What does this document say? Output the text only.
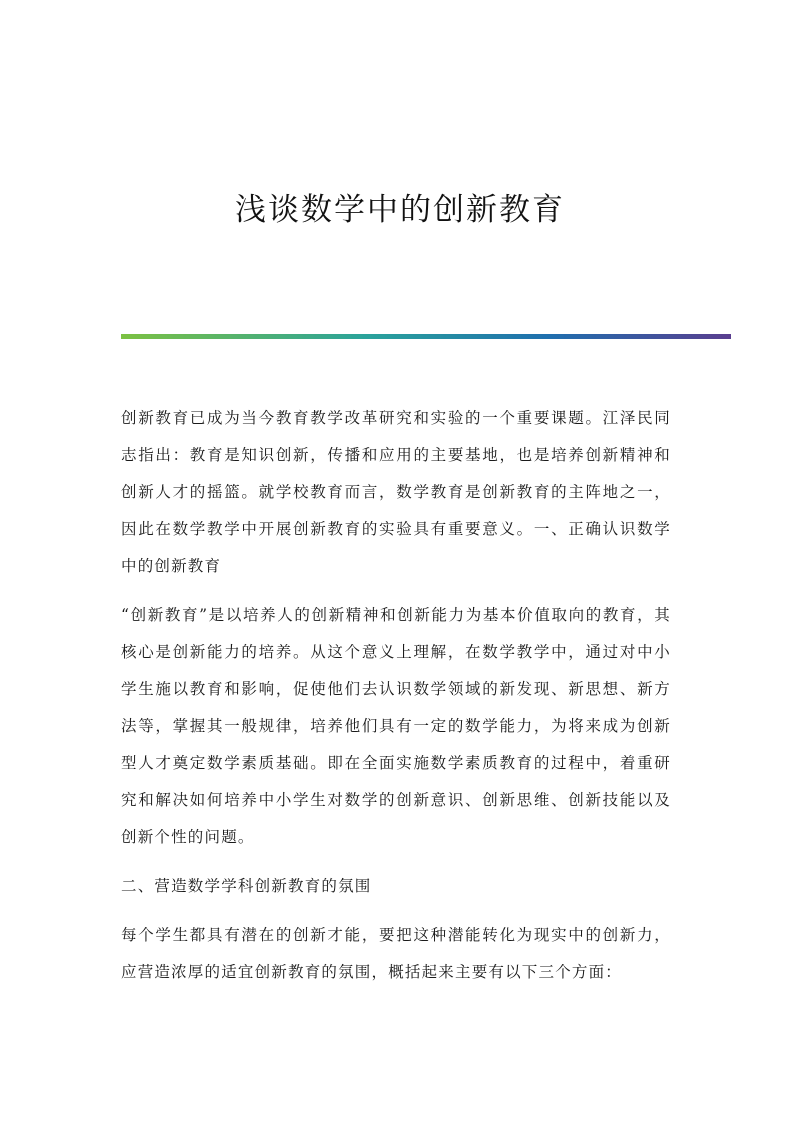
浅谈数学中的创新教育

创新教育已成为当今教育教学改革研究和实验的一个重要课题。江泽民同志指出：教育是知识创新，传播和应用的主要基地，也是培养创新精神和创新人才的摇篮。就学校教育而言，数学教育是创新教育的主阵地之一，因此在数学教学中开展创新教育的实验具有重要意义。一、正确认识数学中的创新教育

“创新教育”是以培养人的创新精神和创新能力为基本价值取向的教育，其核心是创新能力的培养。从这个意义上理解，在数学教学中，通过对中小学生施以教育和影响，促使他们去认识数学领域的新发现、新思想、新方法等，掌握其一般规律，培养他们具有一定的数学能力，为将来成为创新型人才奠定数学素质基础。即在全面实施数学素质教育的过程中，着重研究和解决如何培养中小学生对数学的创新意识、创新思维、创新技能以及创新个性的问题。

二、营造数学学科创新教育的氛围

每个学生都具有潜在的创新才能，要把这种潜能转化为现实中的创新力，应营造浓厚的适宜创新教育的氛围，概括起来主要有以下三个方面：
